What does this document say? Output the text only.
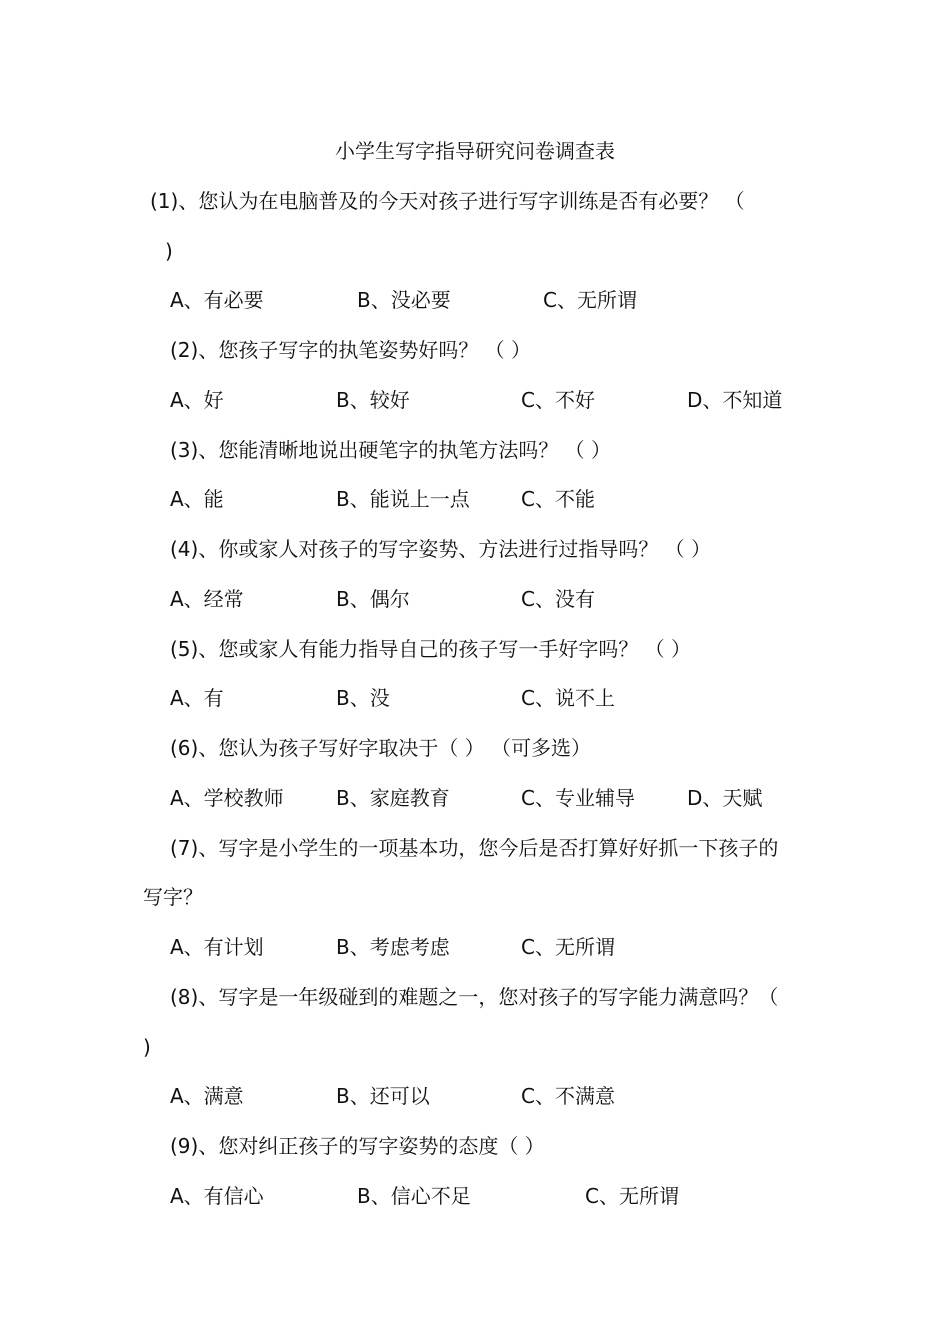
小学生写字指导研究问卷调查表
(1)、您认为在电脑普及的今天对孩子进行写字训练是否有必要？ （
)
A、有必要	B、没必要	C、无所谓
(2)、您孩子写字的执笔姿势好吗？ （ ）
A、好	B、较好	C、不好	D、不知道
(3)、您能清晰地说出硬笔字的执笔方法吗？ （ ）
A、能	B、能说上一点	C、不能
(4)、你或家人对孩子的写字姿势、方法进行过指导吗？ （ ）
A、经常	B、偶尔	C、没有
(5)、您或家人有能力指导自己的孩子写一手好字吗？ （ ）
A、有	B、没	C、说不上
(6)、您认为孩子写好字取决于（ ） （可多选）
A、学校教师	B、家庭教育	C、专业辅导	D、天赋
(7)、写字是小学生的一项基本功，您今后是否打算好好抓一下孩子的
写字？
A、有计划	B、考虑考虑	C、无所谓
(8)、写字是一年级碰到的难题之一，您对孩子的写字能力满意吗？（
)
A、满意	B、还可以	C、不满意
(9)、您对纠正孩子的写字姿势的态度（ ）
A、有信心	B、信心不足	C、无所谓
